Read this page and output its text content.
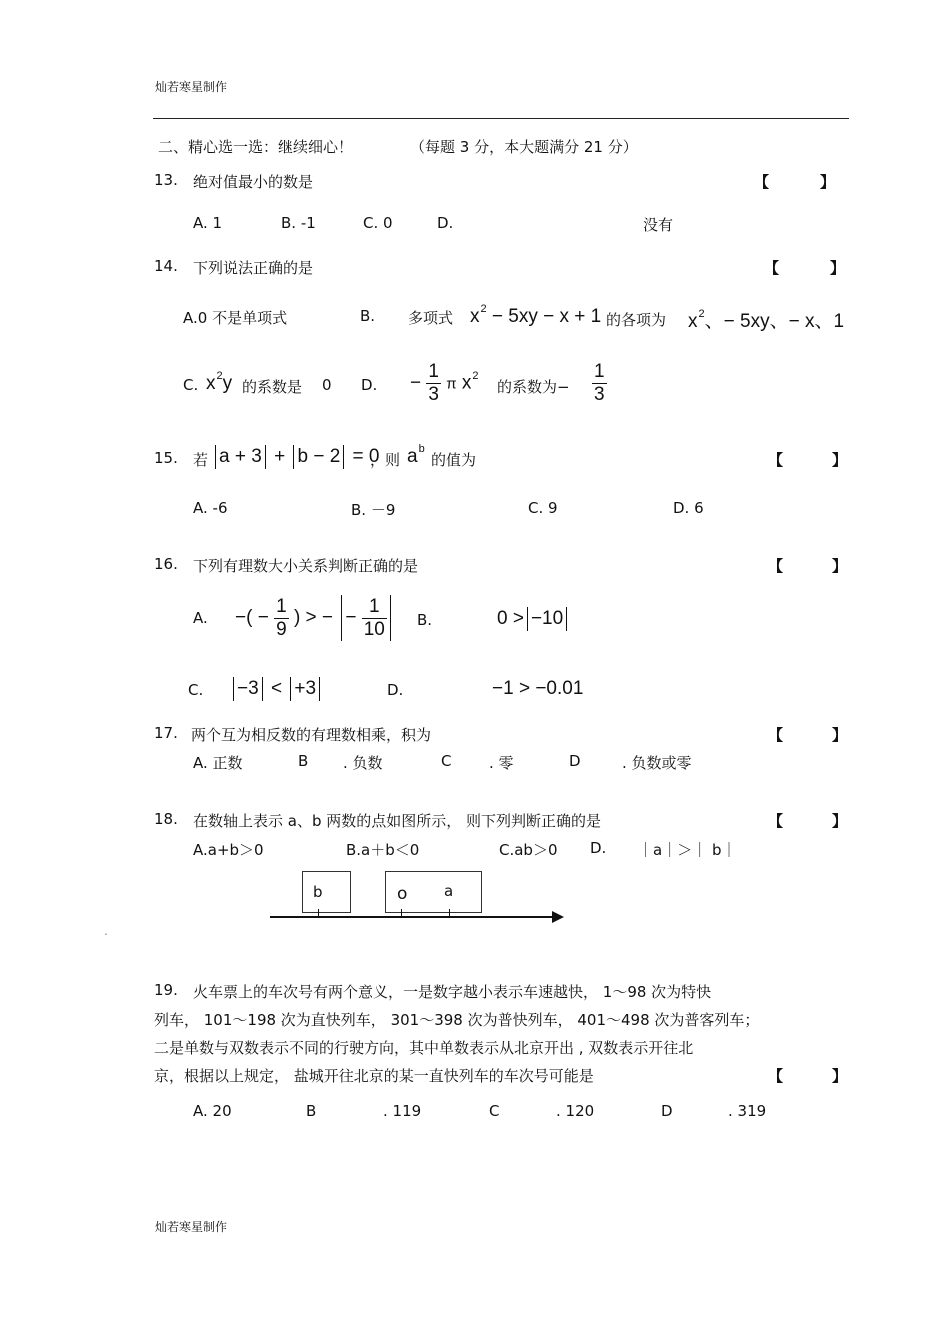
灿若寒星制作
二、精心选一选：继续细心！	（每题 3 分，本大题满分 21 分）
13. 绝对值最小的数是	【	】
A. 1	B. -1	C. 0	D.	没有
14. 下列说法正确的是	【	】
A.0 不是单项式	B. 多项式 $x^2 - 5xy - x + 1$ 的各项为 $x^2$、− 5xy、− x、1
C. $x^2y$ 的系数是 0 D. − $\frac{1}{3}$ π $x^2$
的系数为− $\frac{1}{3}$
15. 若 a + 3 + b − 2 = 0
，则 $a^b$
的值为	【	】
A. -6	B. －9	C. 9	D. 6
16. 下列有理数大小关系判断正确的是	【	】
A. −( − $\frac{1}{9}$ ) > − − $\frac{1}{10} B$.	0 > −10
C.	−3 < +3	D.	−1 > −0.01
17. 两个互为相反数的有理数相乘，积为	【	】
A. 正数	B . 负数	C	. 零	D	. 负数或零
18. 在数轴上表示 a、b 两数的点如图所示， 则下列判断正确的是	【	】
A.a+b＞0	B.a＋b＜0	C.ab＞0 D. ｜a｜＞｜ b｜
b	o a
.
19. 火车票上的车次号有两个意义，一是数字越小表示车速越快， 1～98 次为特快
列车， 101～198 次为直快列车， 301～398 次为普快列车， 401～498 次为普客列车；
二是单数与双数表示不同的行驶方向，其中单数表示从北京开出 , 双数表示开往北
京，根据以上规定， 盐城开往北京的某一直快列车的车次号可能是	【	】
A. 20	B	. 119	C	. 120	D	. 319
灿若寒星制作
